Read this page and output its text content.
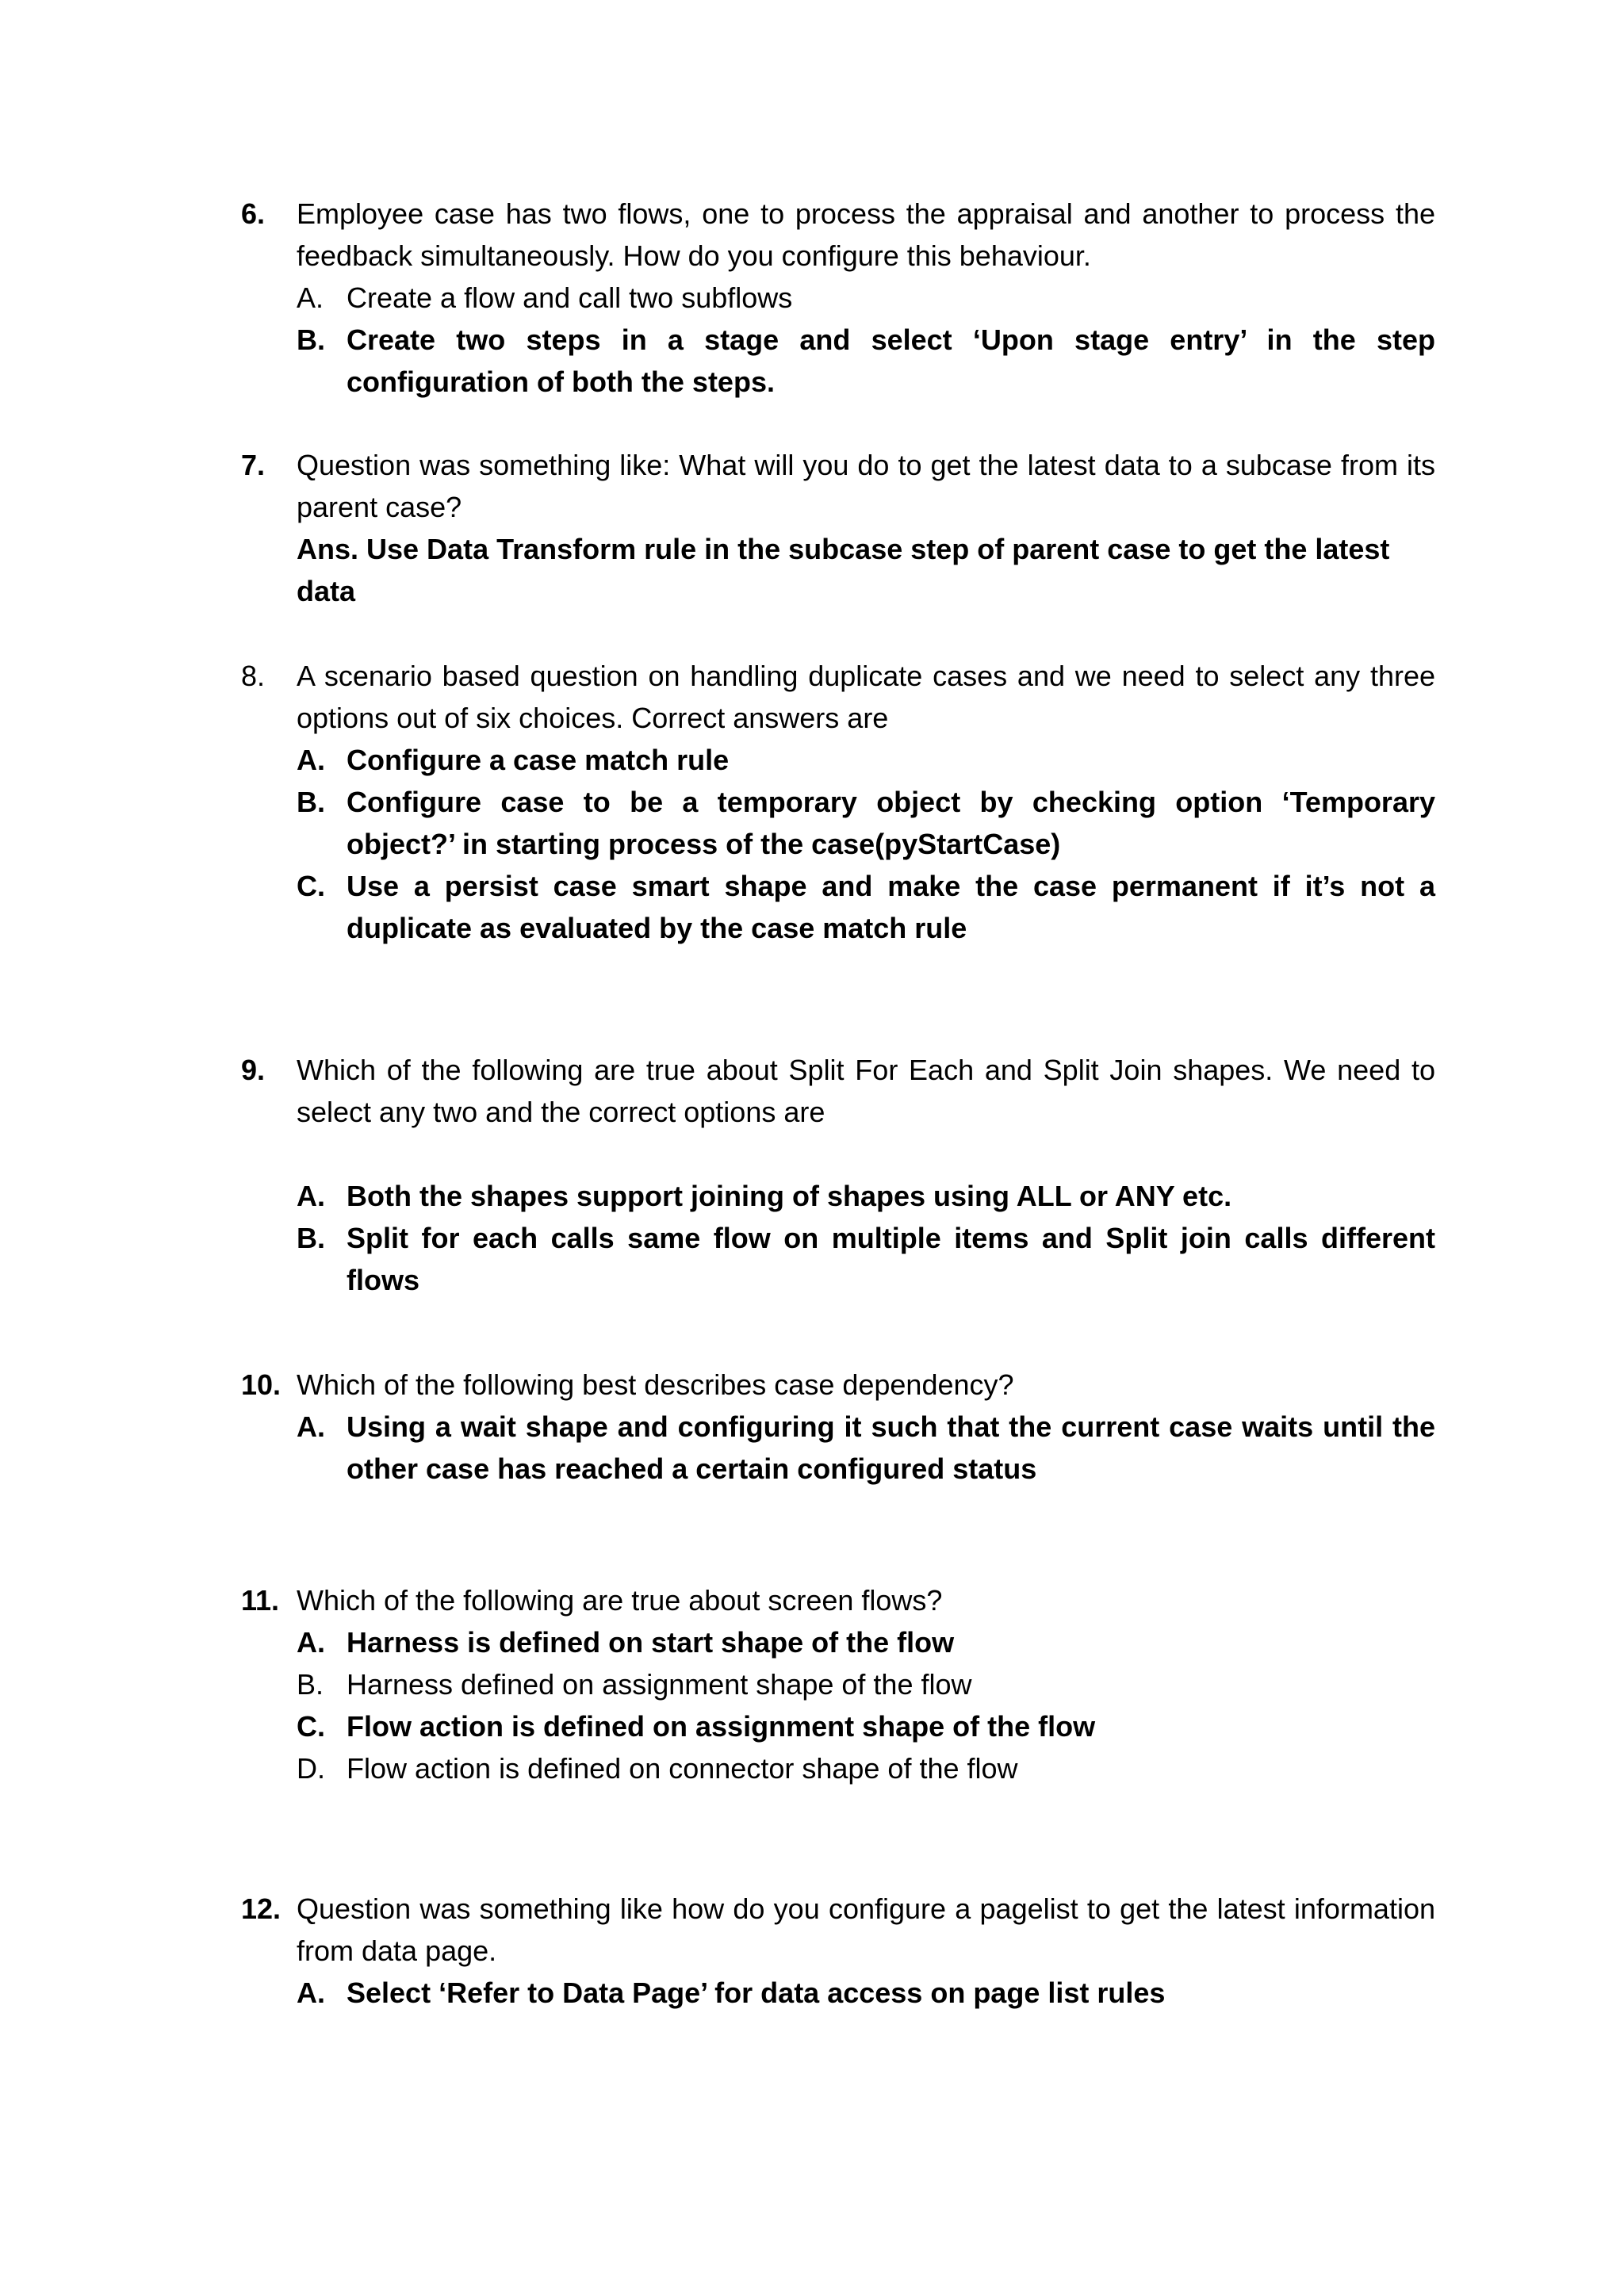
6.	Employee case has two flows, one to process the appraisal and another to process the feedback simultaneously. How do you configure this behaviour.
A. Create a flow and call two subflows
B. Create two steps in a stage and select ‘Upon stage entry’ in the step configuration of both the steps.
7.	Question was something like: What will you do to get the latest data to a subcase from its parent case?
Ans. Use Data Transform rule in the subcase step of parent case to get the latest data
8.	A scenario based question on handling duplicate cases and we need to select any three options out of six choices. Correct answers are
A. Configure a case match rule
B. Configure case to be a temporary object by checking option ‘Temporary object?’ in starting process of the case(pyStartCase)
C. Use a persist case smart shape and make the case permanent if it’s not a duplicate as evaluated by the case match rule
9.	Which of the following are true about Split For Each and Split Join shapes. We need to select any two and the correct options are
A. Both the shapes support joining of shapes using ALL or ANY etc.
B. Split for each calls same flow on multiple items and Split join calls different flows
10. Which of the following best describes case dependency?
A. Using a wait shape and configuring it such that the current case waits until the other case has reached a certain configured status
11. Which of the following are true about screen flows?
A. Harness is defined on start shape of the flow
B. Harness defined on assignment shape of the flow
C. Flow action is defined on assignment shape of the flow
D. Flow action is defined on connector shape of the flow
12. Question was something like how do you configure a pagelist to get the latest information from data page.
A. Select ‘Refer to Data Page’ for data access on page list rules
